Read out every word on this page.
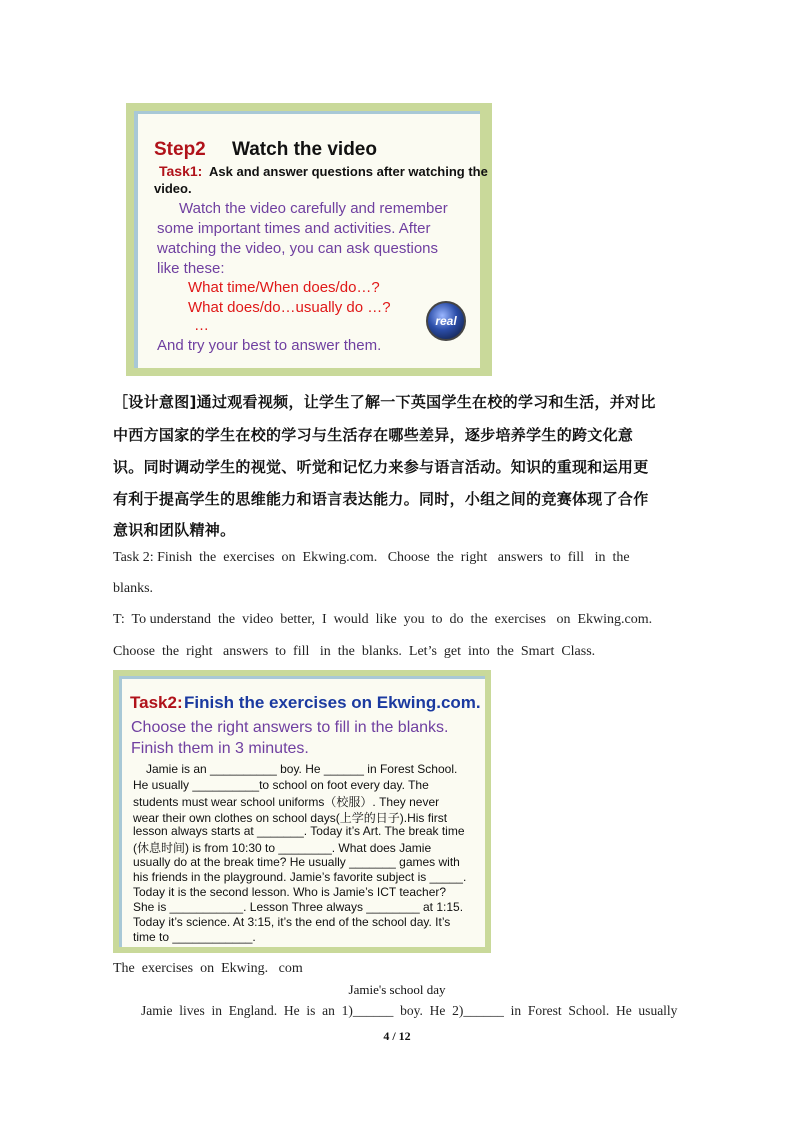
Step2 Watch the video
Task1: Ask and answer questions after watching the
video.
Watch the video carefully and remember
some important times and activities. After
watching the video, you can ask questions
like these:
What time/When does/do…?
What does/do…usually do …?
…
And try your best to answer them.
real
［设计意图]通过观看视频，让学生了解一下英国学生在校的学习和生活，并对比
中西方国家的学生在校的学习与生活存在哪些差异，逐步培养学生的跨文化意
识。同时调动学生的视觉、听觉和记忆力来参与语言活动。知识的重现和运用更
有利于提高学生的思维能力和语言表达能力。同时，小组之间的竞赛体现了合作
意识和团队精神。
Task 2: Finish  the  exercises  on  Ekwing.com.   Choose  the  right   answers  to  fill   in  the
blanks.
T:  To understand  the  video  better,  I  would  like  you  to  do  the  exercises   on  Ekwing.com.
Choose  the  right   answers  to  fill   in  the  blanks.  Let’s  get  into  the  Smart  Class.
Task2: Finish the exercises on Ekwing.com.
Choose the right answers to fill in the blanks.
Finish them in 3 minutes.
Jamie is an __________ boy. He ______ in Forest School.
He usually __________to school on foot every day. The
students must wear school uniforms（校服）. They never
wear their own clothes on school days(上学的日子).His first
lesson always starts at _______. Today it’s Art. The break time
(休息时间) is from 10:30 to ________. What does Jamie
usually do at the break time? He usually _______ games with
his friends in the playground. Jamie’s favorite subject is _____.
Today it is the second lesson. Who is Jamie’s ICT teacher?
She is ___________. Lesson Three always ________ at 1:15.
Today it’s science. At 3:15, it’s the end of the school day. It’s
time to ____________.
The  exercises  on  Ekwing.   com
Jamie's school day
Jamie  lives  in  England.  He  is  an  1)______  boy.  He  2)______  in  Forest  School.  He  usually
4 / 12
